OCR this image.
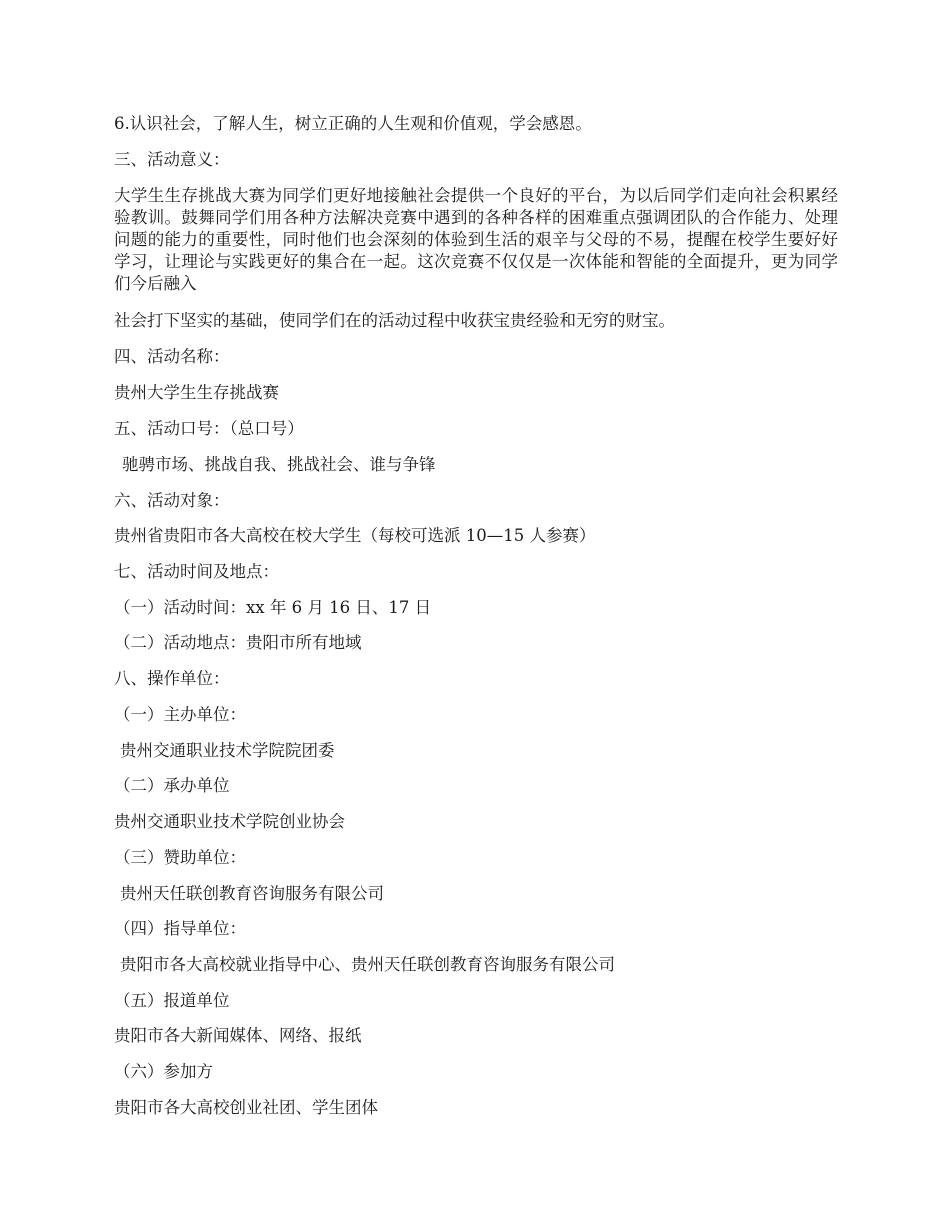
6.认识社会，了解人生，树立正确的人生观和价值观，学会感恩。
三、活动意义：
大学生生存挑战大赛为同学们更好地接触社会提供一个良好的平台，为以后同学们走向社会积累经验教训。鼓舞同学们用各种方法解决竞赛中遇到的各种各样的困难重点强调团队的合作能力、处理问题的能力的重要性，同时他们也会深刻的体验到生活的艰辛与父母的不易，提醒在校学生要好好学习，让理论与实践更好的集合在一起。这次竞赛不仅仅是一次体能和智能的全面提升，更为同学们今后融入
社会打下坚实的基础，使同学们在的活动过程中收获宝贵经验和无穷的财宝。
四、活动名称：
贵州大学生生存挑战赛
五、活动口号：（总口号）
驰骋市场、挑战自我、挑战社会、谁与争锋
六、活动对象：
贵州省贵阳市各大高校在校大学生（每校可选派 10—15 人参赛）
七、活动时间及地点：
（一）活动时间：xx 年 6 月 16 日、17 日
（二）活动地点：贵阳市所有地域
八、操作单位：
（一）主办单位：
贵州交通职业技术学院院团委
（二）承办单位
贵州交通职业技术学院创业协会
（三）赞助单位：
贵州天任联创教育咨询服务有限公司
（四）指导单位：
贵阳市各大高校就业指导中心、贵州天任联创教育咨询服务有限公司
（五）报道单位
贵阳市各大新闻媒体、网络、报纸
（六）参加方
贵阳市各大高校创业社团、学生团体
